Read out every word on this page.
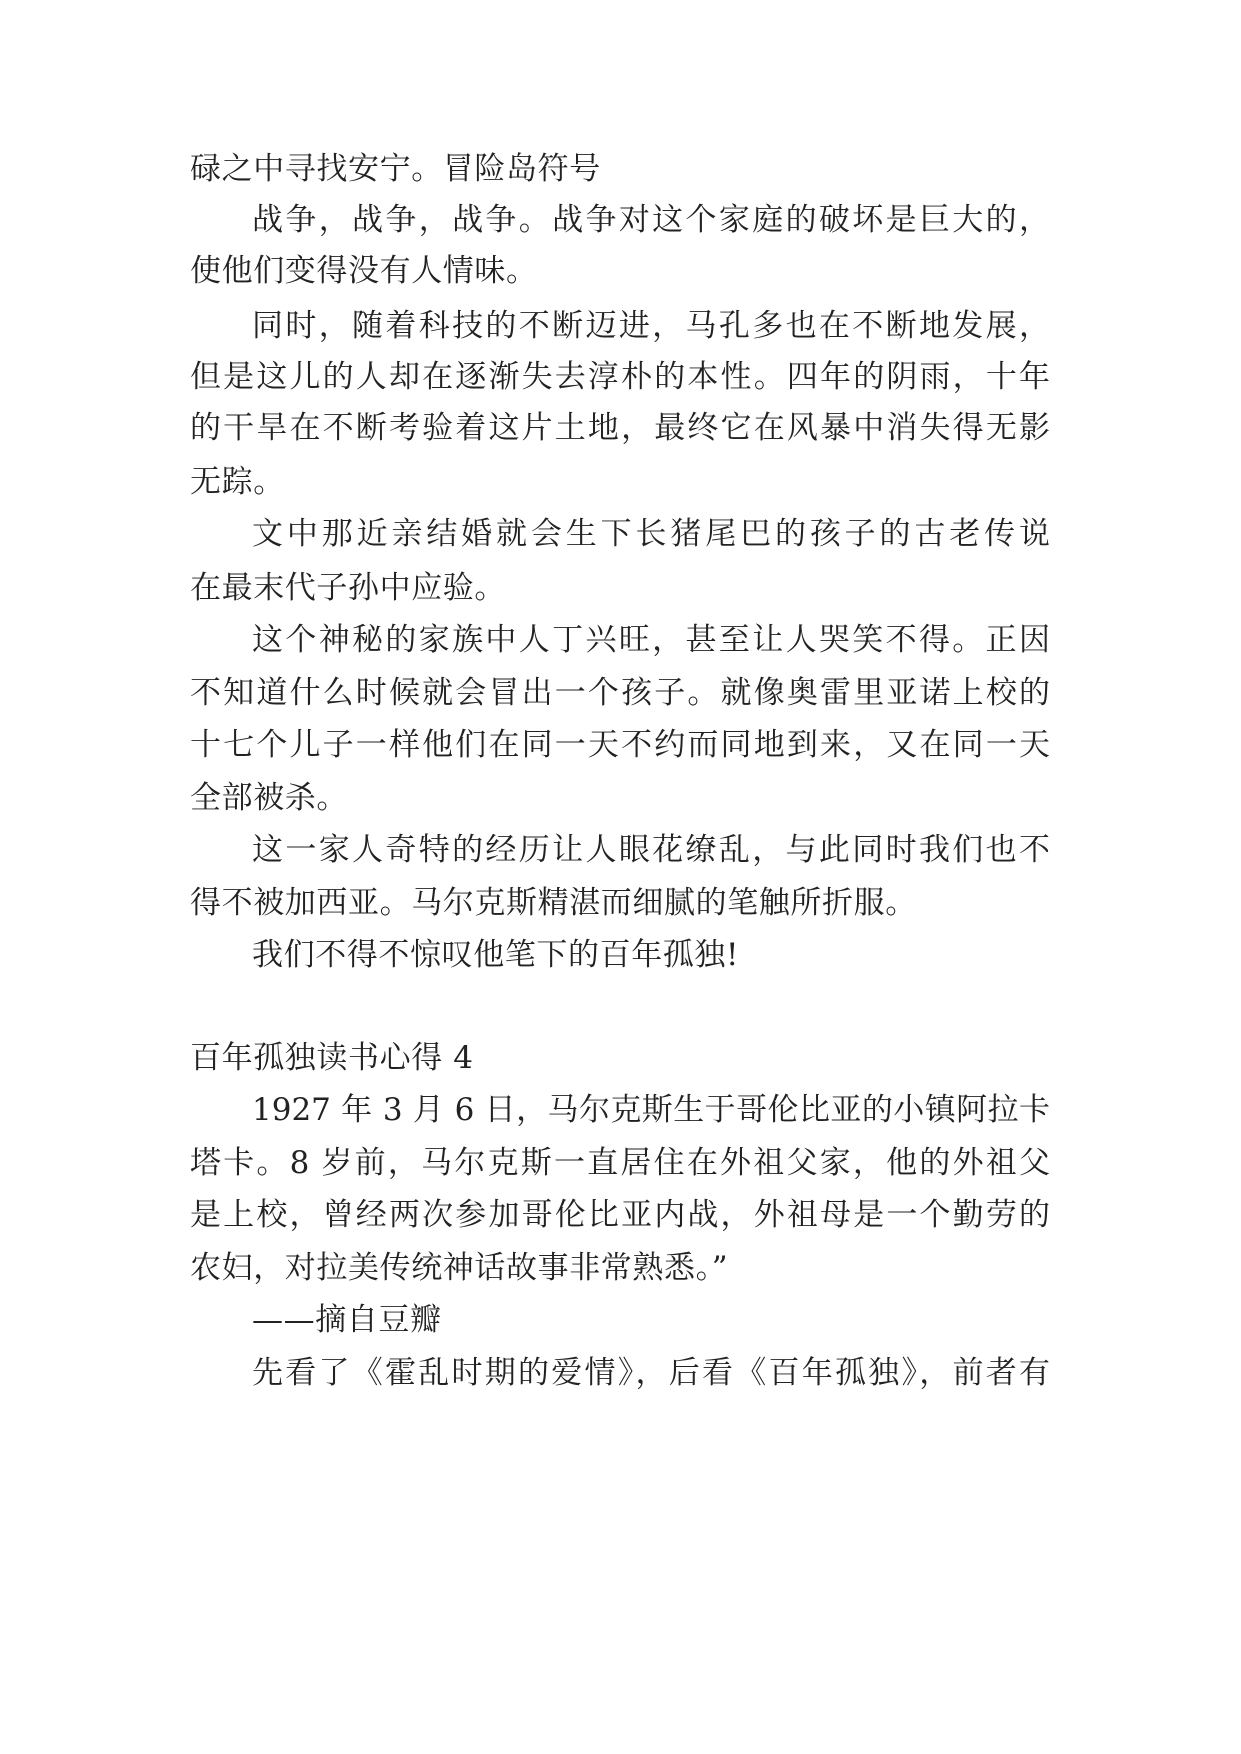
碌之中寻找安宁。冒险岛符号

战争，战争，战争。战争对这个家庭的破坏是巨大的，

使他们变得没有人情味。

同时，随着科技的不断迈进，马孔多也在不断地发展，

但是这儿的人却在逐渐失去淳朴的本性。四年的阴雨，十年

的干旱在不断考验着这片土地，最终它在风暴中消失得无影

无踪。

文中那近亲结婚就会生下长猪尾巴的孩子的古老传说

在最末代子孙中应验。

这个神秘的家族中人丁兴旺，甚至让人哭笑不得。正因

不知道什么时候就会冒出一个孩子。就像奥雷里亚诺上校的

十七个儿子一样他们在同一天不约而同地到来，又在同一天

全部被杀。

这一家人奇特的经历让人眼花缭乱，与此同时我们也不

得不被加西亚。马尔克斯精湛而细腻的笔触所折服。

我们不得不惊叹他笔下的百年孤独!

百年孤独读书心得 4

1927 年 3 月 6 日，马尔克斯生于哥伦比亚的小镇阿拉卡

塔卡。8 岁前，马尔克斯一直居住在外祖父家，他的外祖父

是上校，曾经两次参加哥伦比亚内战，外祖母是一个勤劳的

农妇，对拉美传统神话故事非常熟悉。”

——摘自豆瓣

先看了《霍乱时期的爱情》，后看《百年孤独》，前者有
